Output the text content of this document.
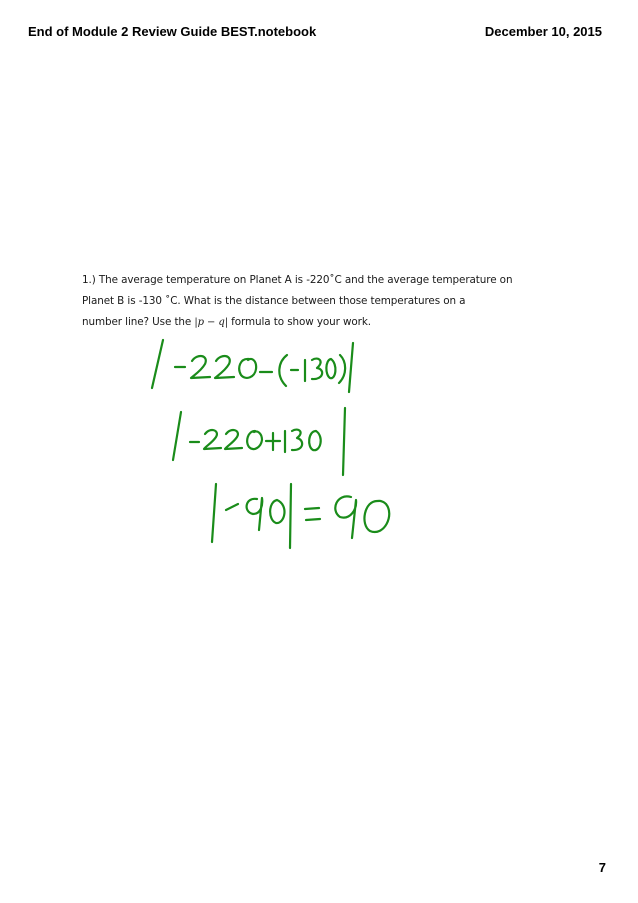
End of Module 2 Review Guide BEST.notebook	December 10, 2015
1.) The average temperature on Planet A is -220˚C and the average temperature on
Planet B is -130 ˚C. What is the distance between those temperatures on a
number line? Use the |p − q| formula to show your work.
7
